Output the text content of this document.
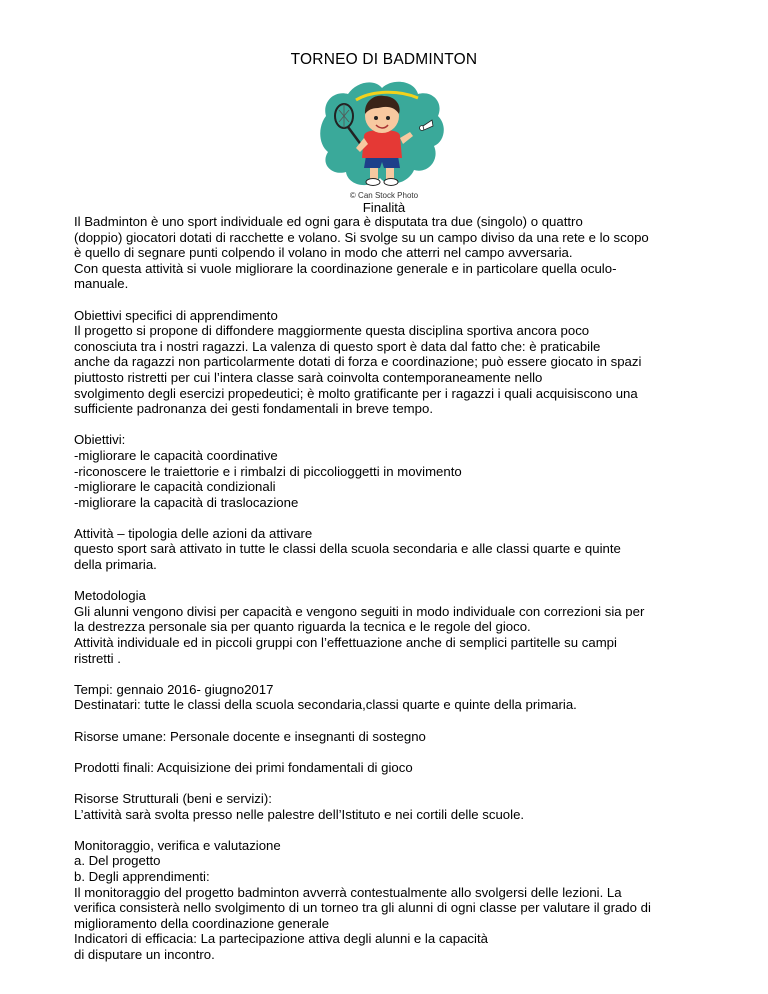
TORNEO DI BADMINTON
© Can Stock Photo
Finalità

Il Badminton è uno sport individuale ed ogni gara è disputata tra due (singolo) o quattro
(doppio) giocatori dotati di racchette e volano. Si svolge su un campo diviso da una rete e lo scopo
è quello di segnare punti colpendo il volano in modo che atterri nel campo avversaria.
Con questa attività si vuole migliorare la coordinazione generale e in particolare quella oculo-
manuale.

Obiettivi specifici di apprendimento
Il progetto si propone di diffondere maggiormente questa disciplina sportiva ancora poco
conosciuta tra i nostri ragazzi. La valenza di questo sport è data dal fatto che: è praticabile
anche da ragazzi non particolarmente dotati di forza e coordinazione; può essere giocato in spazi
piuttosto ristretti per cui l’intera classe sarà coinvolta contemporaneamente nello
svolgimento degli esercizi propedeutici; è molto gratificante per i ragazzi i quali acquisiscono una
sufficiente padronanza dei gesti fondamentali in breve tempo.

Obiettivi:
-migliorare le capacità coordinative
-riconoscere le traiettorie e i rimbalzi di piccolioggetti in movimento
-migliorare le capacità condizionali
-migliorare la capacità di traslocazione

Attività – tipologia delle azioni da attivare
questo sport sarà attivato in tutte le classi della scuola secondaria e alle classi quarte e quinte
della primaria.

Metodologia
Gli alunni vengono divisi per capacità e vengono seguiti in modo individuale con correzioni sia per
la destrezza personale sia per quanto riguarda la tecnica e le regole del gioco.
Attività individuale ed in piccoli gruppi con l’effettuazione anche di semplici partitelle su campi
ristretti .

Tempi: gennaio 2016- giugno2017
Destinatari: tutte le classi della scuola secondaria,classi quarte e quinte della primaria.

Risorse umane: Personale docente e insegnanti di sostegno

Prodotti finali: Acquisizione dei primi fondamentali di gioco

Risorse Strutturali (beni e servizi):
L’attività sarà svolta presso nelle palestre dell’Istituto e nei cortili delle scuole.

Monitoraggio, verifica e valutazione
a. Del progetto
b. Degli apprendimenti:
Il monitoraggio del progetto badminton avverrà contestualmente allo svolgersi delle lezioni. La
verifica consisterà nello svolgimento di un torneo tra gli alunni di ogni classe per valutare il grado di
miglioramento della coordinazione generale
Indicatori di efficacia: La partecipazione attiva degli alunni e la capacità
di disputare un incontro.
